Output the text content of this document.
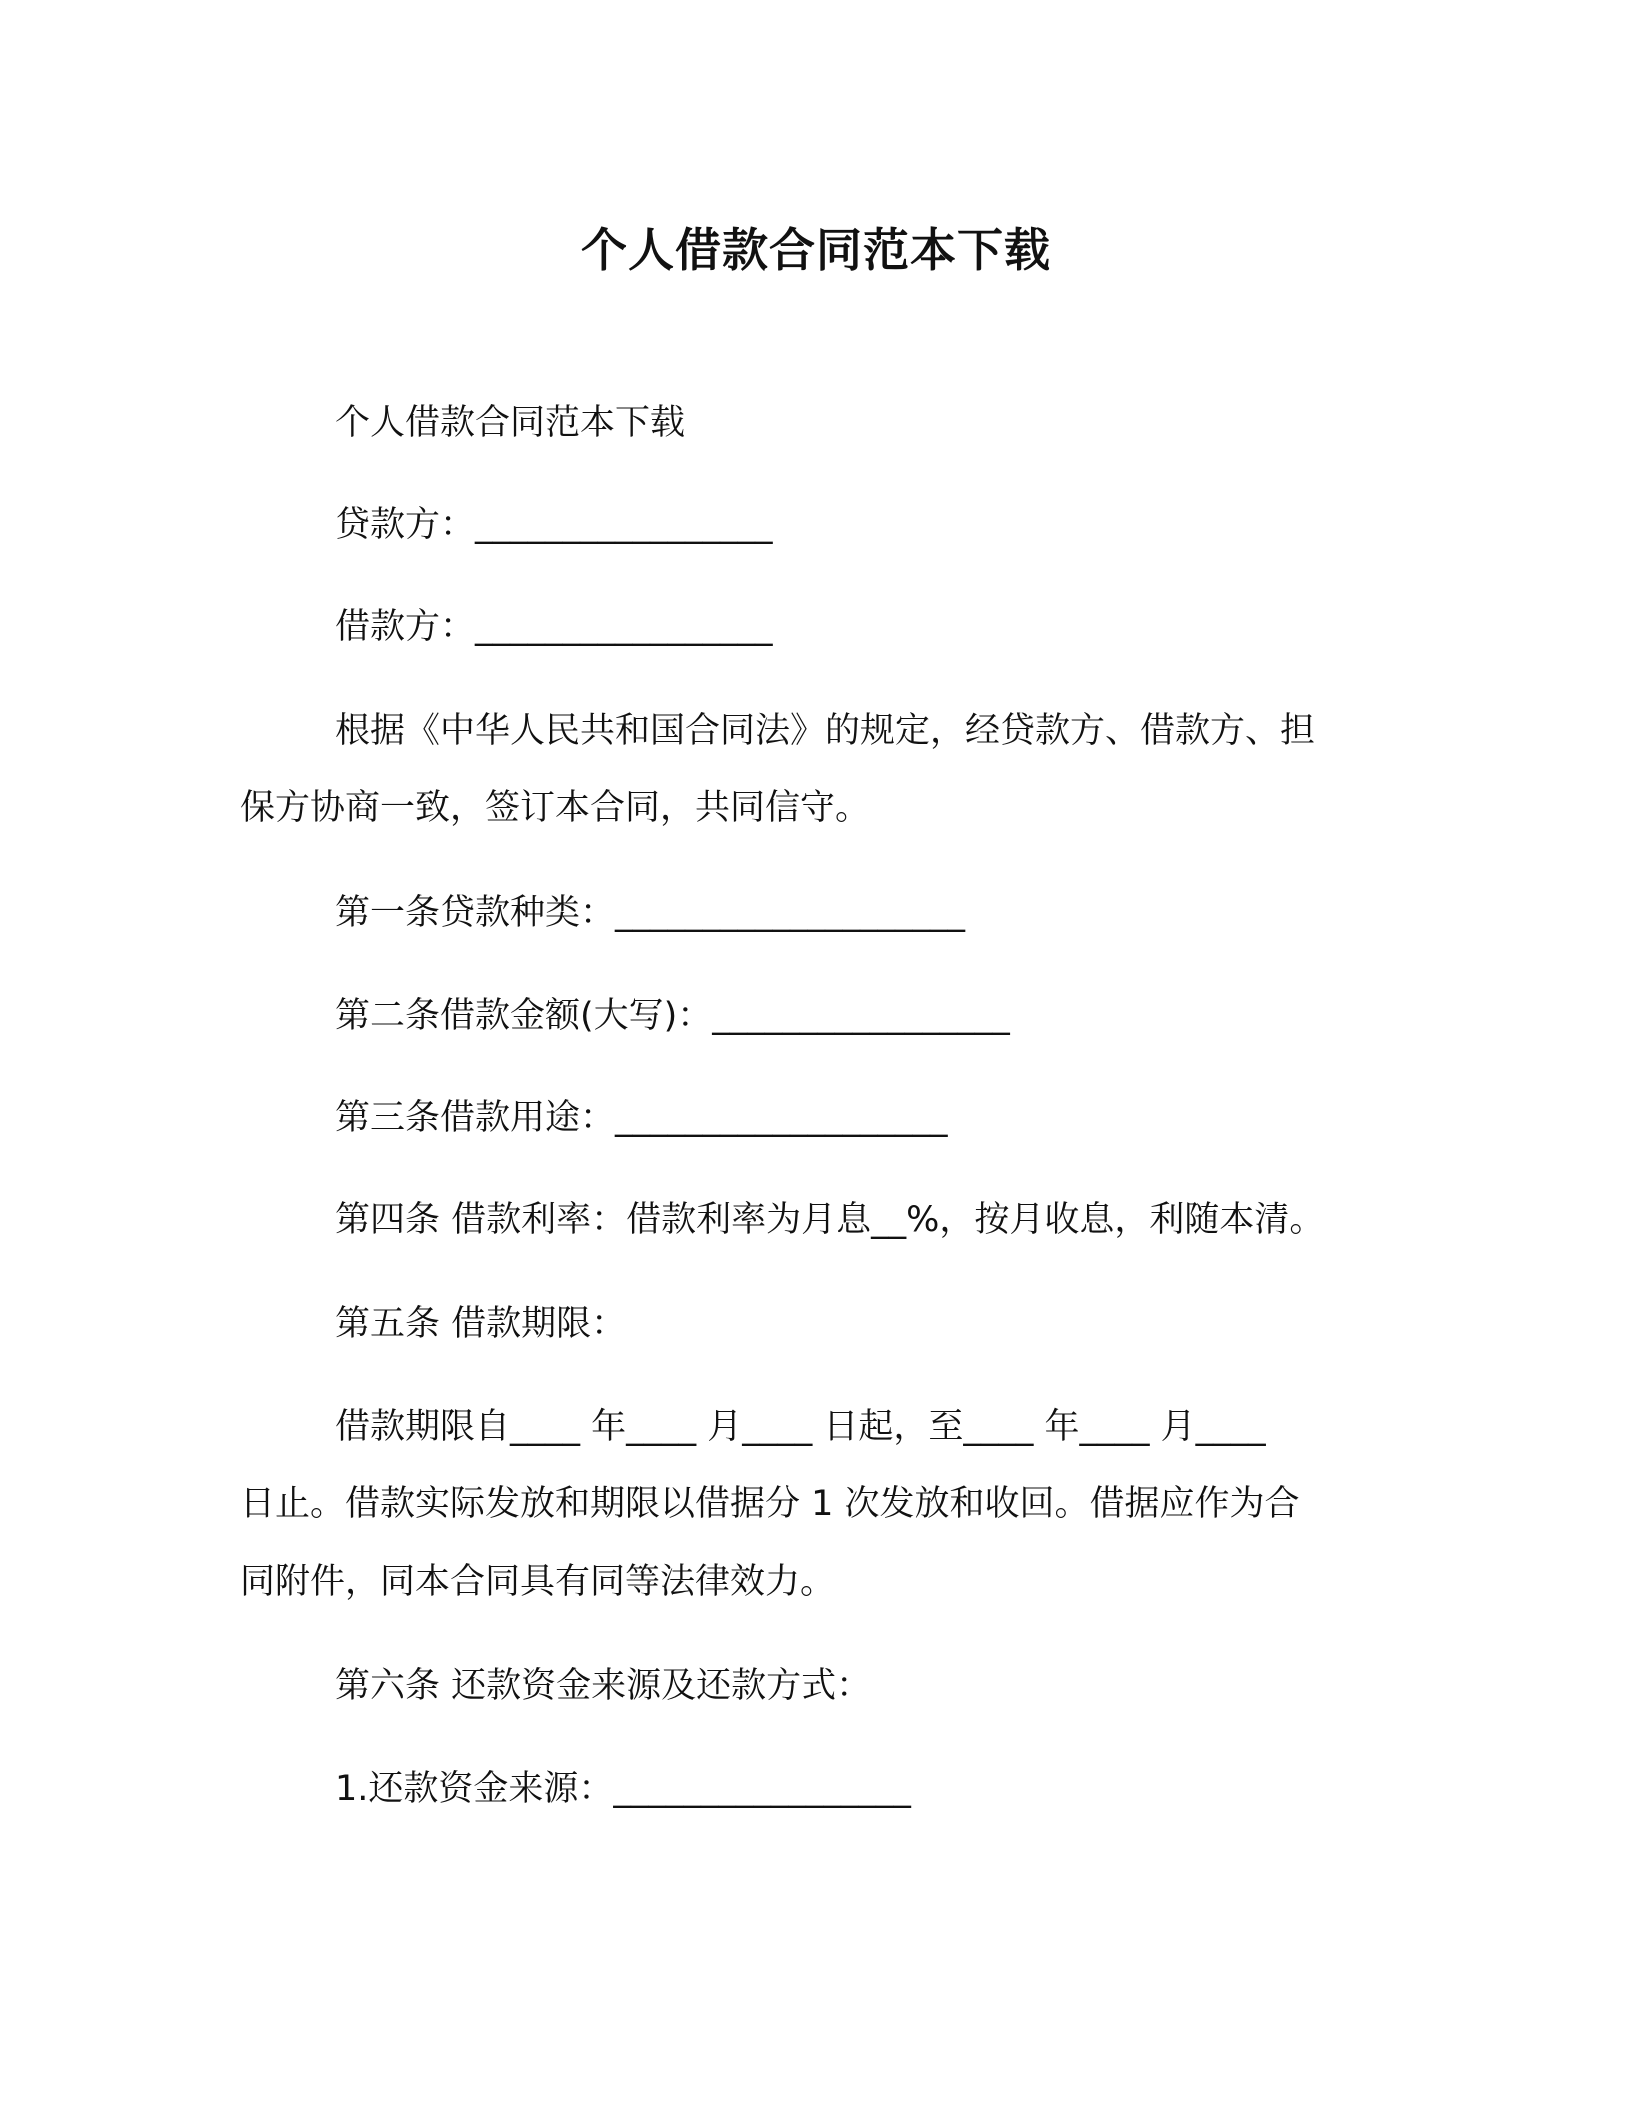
个人借款合同范本下载
个人借款合同范本下载
贷款方：_________________
借款方：_________________
根据《中华人民共和国合同法》的规定，经贷款方、借款方、担
保方协商一致，签订本合同，共同信守。
第一条贷款种类：____________________
第二条借款金额(大写)：_________________
第三条借款用途：___________________
第四条 借款利率：借款利率为月息__%，按月收息，利随本清。
第五条 借款期限：
借款期限自____ 年____ 月____ 日起，至____ 年____ 月____
日止。借款实际发放和期限以借据分 1 次发放和收回。借据应作为合
同附件，同本合同具有同等法律效力。
第六条 还款资金来源及还款方式：
1.还款资金来源：_________________
